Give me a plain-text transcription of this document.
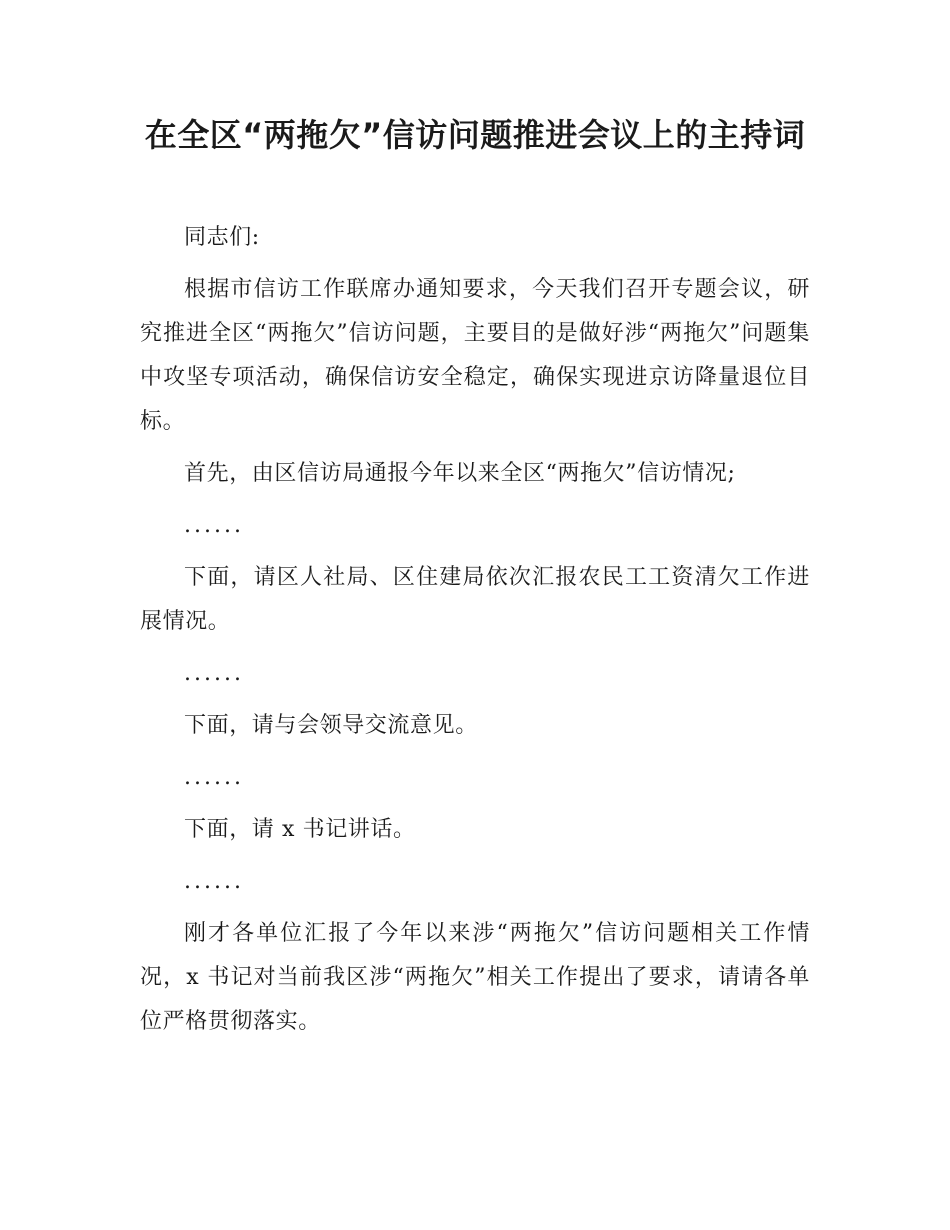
在全区“两拖欠”信访问题推进会议上的主持词

同志们:

根据市信访工作联席办通知要求，今天我们召开专题会议，研究推进全区“两拖欠”信访问题，主要目的是做好涉“两拖欠”问题集中攻坚专项活动，确保信访安全稳定，确保实现进京访降量退位目标。

首先，由区信访局通报今年以来全区“两拖欠”信访情况;

......

下面，请区人社局、区住建局依次汇报农民工工资清欠工作进展情况。

......

下面，请与会领导交流意见。

......

下面，请 x 书记讲话。

......

刚才各单位汇报了今年以来涉“两拖欠”信访问题相关工作情况，x 书记对当前我区涉“两拖欠”相关工作提出了要求，请请各单位严格贯彻落实。
